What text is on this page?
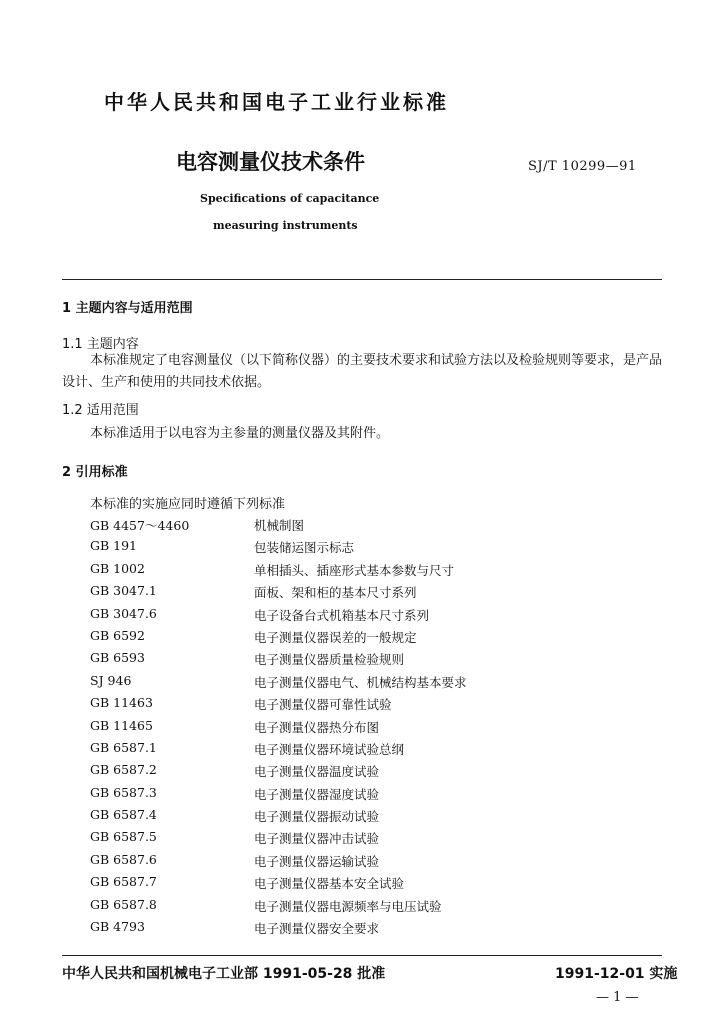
中华人民共和国电子工业行业标准
电容测量仪技术条件	SJ/T 10299—91
Specifications of capacitance
measuring instruments
1 主题内容与适用范围
1.1 主题内容
本标准规定了电容测量仪（以下简称仪器）的主要技术要求和试验方法以及检验规则等要求，是产品设计、生产和使用的共同技术依据。
1.2 适用范围
本标准适用于以电容为主参量的测量仪器及其附件。
2 引用标准
本标准的实施应同时遵循下列标准
GB 4457～4460	机械制图
GB 191	包装储运图示标志
GB 1002	单相插头、插座形式基本参数与尺寸
GB 3047.1	面板、架和柜的基本尺寸系列
GB 3047.6	电子设备台式机箱基本尺寸系列
GB 6592	电子测量仪器误差的一般规定
GB 6593	电子测量仪器质量检验规则
SJ 946	电子测量仪器电气、机械结构基本要求
GB 11463	电子测量仪器可靠性试验
GB 11465	电子测量仪器热分布图
GB 6587.1	电子测量仪器环境试验总纲
GB 6587.2	电子测量仪器温度试验
GB 6587.3	电子测量仪器湿度试验
GB 6587.4	电子测量仪器振动试验
GB 6587.5	电子测量仪器冲击试验
GB 6587.6	电子测量仪器运输试验
GB 6587.7	电子测量仪器基本安全试验
GB 6587.8	电子测量仪器电源频率与电压试验
GB 4793	电子测量仪器安全要求
中华人民共和国机械电子工业部 1991-05-28 批准	1991-12-01 实施
— 1 —
